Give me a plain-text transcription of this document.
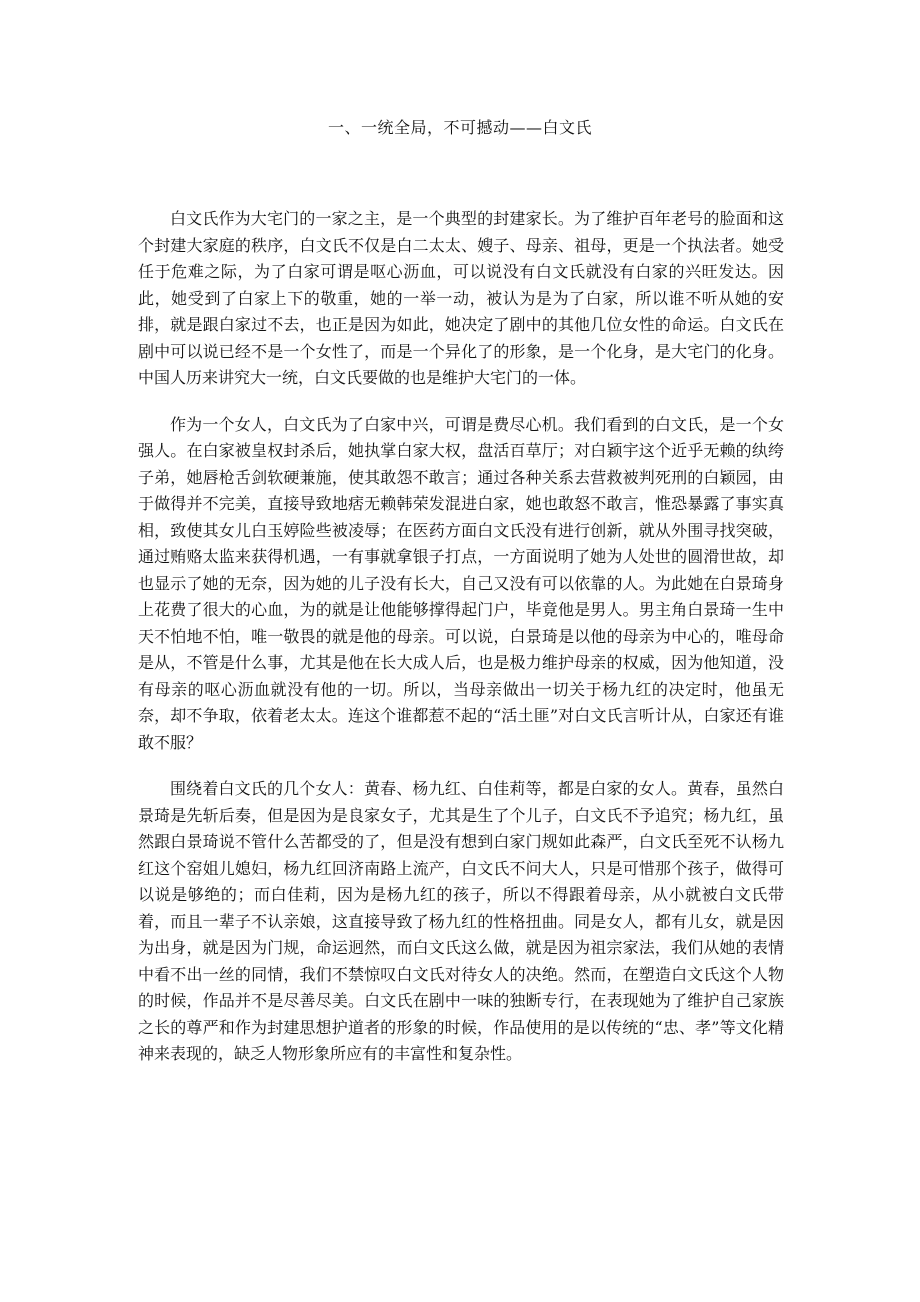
一、一统全局，不可撼动——白文氏

白文氏作为大宅门的一家之主，是一个典型的封建家长。为了维护百年老号的脸面和这个封建大家庭的秩序，白文氏不仅是白二太太、嫂子、母亲、祖母，更是一个执法者。她受任于危难之际，为了白家可谓是呕心沥血，可以说没有白文氏就没有白家的兴旺发达。因此，她受到了白家上下的敬重，她的一举一动，被认为是为了白家，所以谁不听从她的安排，就是跟白家过不去，也正是因为如此，她决定了剧中的其他几位女性的命运。白文氏在剧中可以说已经不是一个女性了，而是一个异化了的形象，是一个化身，是大宅门的化身。中国人历来讲究大一统，白文氏要做的也是维护大宅门的一体。

作为一个女人，白文氏为了白家中兴，可谓是费尽心机。我们看到的白文氏，是一个女强人。在白家被皇权封杀后，她执掌白家大权，盘活百草厅；对白颖宇这个近乎无赖的纨绔子弟，她唇枪舌剑软硬兼施，使其敢怨不敢言；通过各种关系去营救被判死刑的白颖园，由于做得并不完美，直接导致地痞无赖韩荣发混进白家，她也敢怒不敢言，惟恐暴露了事实真相，致使其女儿白玉婷险些被凌辱；在医药方面白文氏没有进行创新，就从外围寻找突破，通过贿赂太监来获得机遇，一有事就拿银子打点，一方面说明了她为人处世的圆滑世故，却也显示了她的无奈，因为她的儿子没有长大，自己又没有可以依靠的人。为此她在白景琦身上花费了很大的心血，为的就是让他能够撑得起门户，毕竟他是男人。男主角白景琦一生中天不怕地不怕，唯一敬畏的就是他的母亲。可以说，白景琦是以他的母亲为中心的，唯母命是从，不管是什么事，尤其是他在长大成人后，也是极力维护母亲的权威，因为他知道，没有母亲的呕心沥血就没有他的一切。所以，当母亲做出一切关于杨九红的决定时，他虽无奈，却不争取，依着老太太。连这个谁都惹不起的“活土匪”对白文氏言听计从，白家还有谁敢不服？

围绕着白文氏的几个女人：黄春、杨九红、白佳莉等，都是白家的女人。黄春，虽然白景琦是先斩后奏，但是因为是良家女子，尤其是生了个儿子，白文氏不予追究；杨九红，虽然跟白景琦说不管什么苦都受的了，但是没有想到白家门规如此森严，白文氏至死不认杨九红这个窑姐儿媳妇，杨九红回济南路上流产，白文氏不问大人，只是可惜那个孩子，做得可以说是够绝的；而白佳莉，因为是杨九红的孩子，所以不得跟着母亲，从小就被白文氏带着，而且一辈子不认亲娘，这直接导致了杨九红的性格扭曲。同是女人，都有儿女，就是因为出身，就是因为门规，命运迥然，而白文氏这么做，就是因为祖宗家法，我们从她的表情中看不出一丝的同情，我们不禁惊叹白文氏对待女人的决绝。然而，在塑造白文氏这个人物的时候，作品并不是尽善尽美。白文氏在剧中一味的独断专行，在表现她为了维护自己家族之长的尊严和作为封建思想护道者的形象的时候，作品使用的是以传统的“忠、孝”等文化精神来表现的，缺乏人物形象所应有的丰富性和复杂性。
